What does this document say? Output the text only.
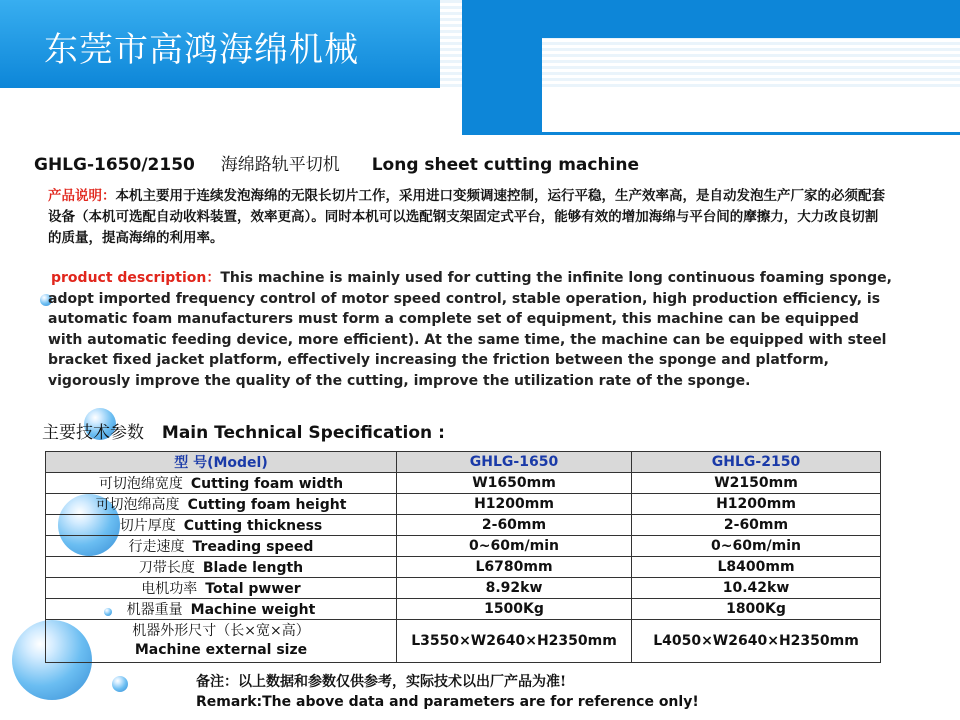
东莞市高鸿海绵机械
GHLG-1650/2150 海绵路轨平切机 Long sheet cutting machine
产品说明：本机主要用于连续发泡海绵的无限长切片工作，采用进口变频调速控制，运行平稳，生产效率高，是自动发泡生产厂家的必须配套设备（本机可选配自动收料装置，效率更高）。同时本机可以选配钢支架固定式平台，能够有效的增加海绵与平台间的摩擦力，大力改良切割的质量，提高海绵的利用率。
product description：This machine is mainly used for cutting the infinite long continuous foaming sponge, adopt imported frequency control of motor speed control, stable operation, high production efficiency, is automatic foam manufacturers must form a complete set of equipment, this machine can be equipped with automatic feeding device, more efficient). At the same time, the machine can be equipped with steel bracket fixed jacket platform, effectively increasing the friction between the sponge and platform, vigorously improve the quality of the cutting, improve the utilization rate of the sponge.
主要技术参数 Main Technical Specification :
型 号(Model)	GHLG-1650	GHLG-2150
可切泡绵宽度 Cutting foam width	W1650mm	W2150mm
可切泡绵高度 Cutting foam height	H1200mm	H1200mm
切片厚度 Cutting thickness	2-60mm	2-60mm
行走速度 Treading speed	0~60m/min	0~60m/min
刀带长度 Blade length	L6780mm	L8400mm
电机功率 Total pwwer	8.92kw	10.42kw
机器重量 Machine weight	1500Kg	1800Kg

机器外形尺寸（长×宽×高）
Machine external size	L3550×W2640×H2350mm	L4050×W2640×H2350mm
备注：以上数据和参数仅供参考，实际技术以出厂产品为准!
Remark:The above data and parameters are for reference only!
